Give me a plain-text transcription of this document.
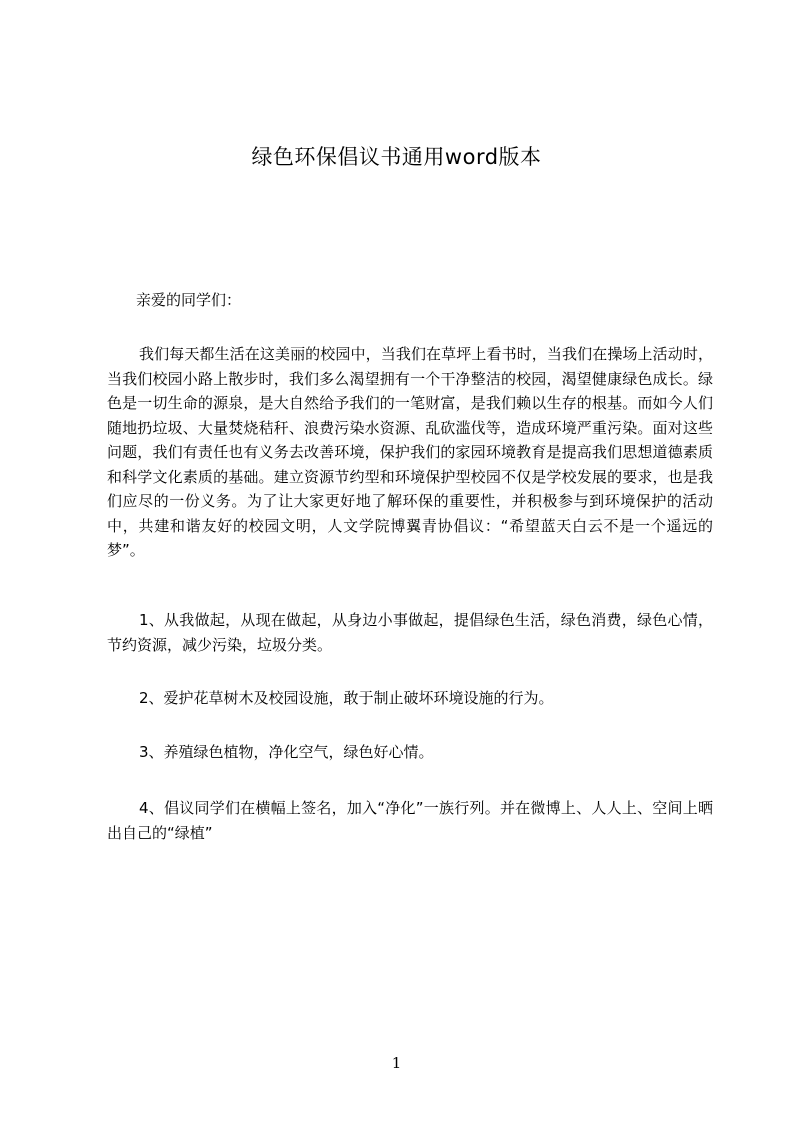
绿色环保倡议书通用word版本
亲爱的同学们：

我们每天都生活在这美丽的校园中，当我们在草坪上看书时，当我们在操场上活动时，当我们校园小路上散步时，我们多么渴望拥有一个干净整洁的校园，渴望健康绿色成长。绿色是一切生命的源泉，是大自然给予我们的一笔财富，是我们赖以生存的根基。而如今人们随地扔垃圾、大量焚烧秸秆、浪费污染水资源、乱砍滥伐等，造成环境严重污染。面对这些问题，我们有责任也有义务去改善环境，保护我们的家园环境教育是提高我们思想道德素质和科学文化素质的基础。建立资源节约型和环境保护型校园不仅是学校发展的要求，也是我们应尽的一份义务。为了让大家更好地了解环保的重要性，并积极参与到环境保护的活动中，共建和谐友好的校园文明，人文学院博翼青协倡议：“希望蓝天白云不是一个遥远的梦”。

1、从我做起，从现在做起，从身边小事做起，提倡绿色生活，绿色消费，绿色心情，节约资源，减少污染，垃圾分类。

2、爱护花草树木及校园设施，敢于制止破坏环境设施的行为。

3、养殖绿色植物，净化空气，绿色好心情。

4、倡议同学们在横幅上签名，加入“净化”一族行列。并在微博上、人人上、空间上晒出自己的“绿植”

1
